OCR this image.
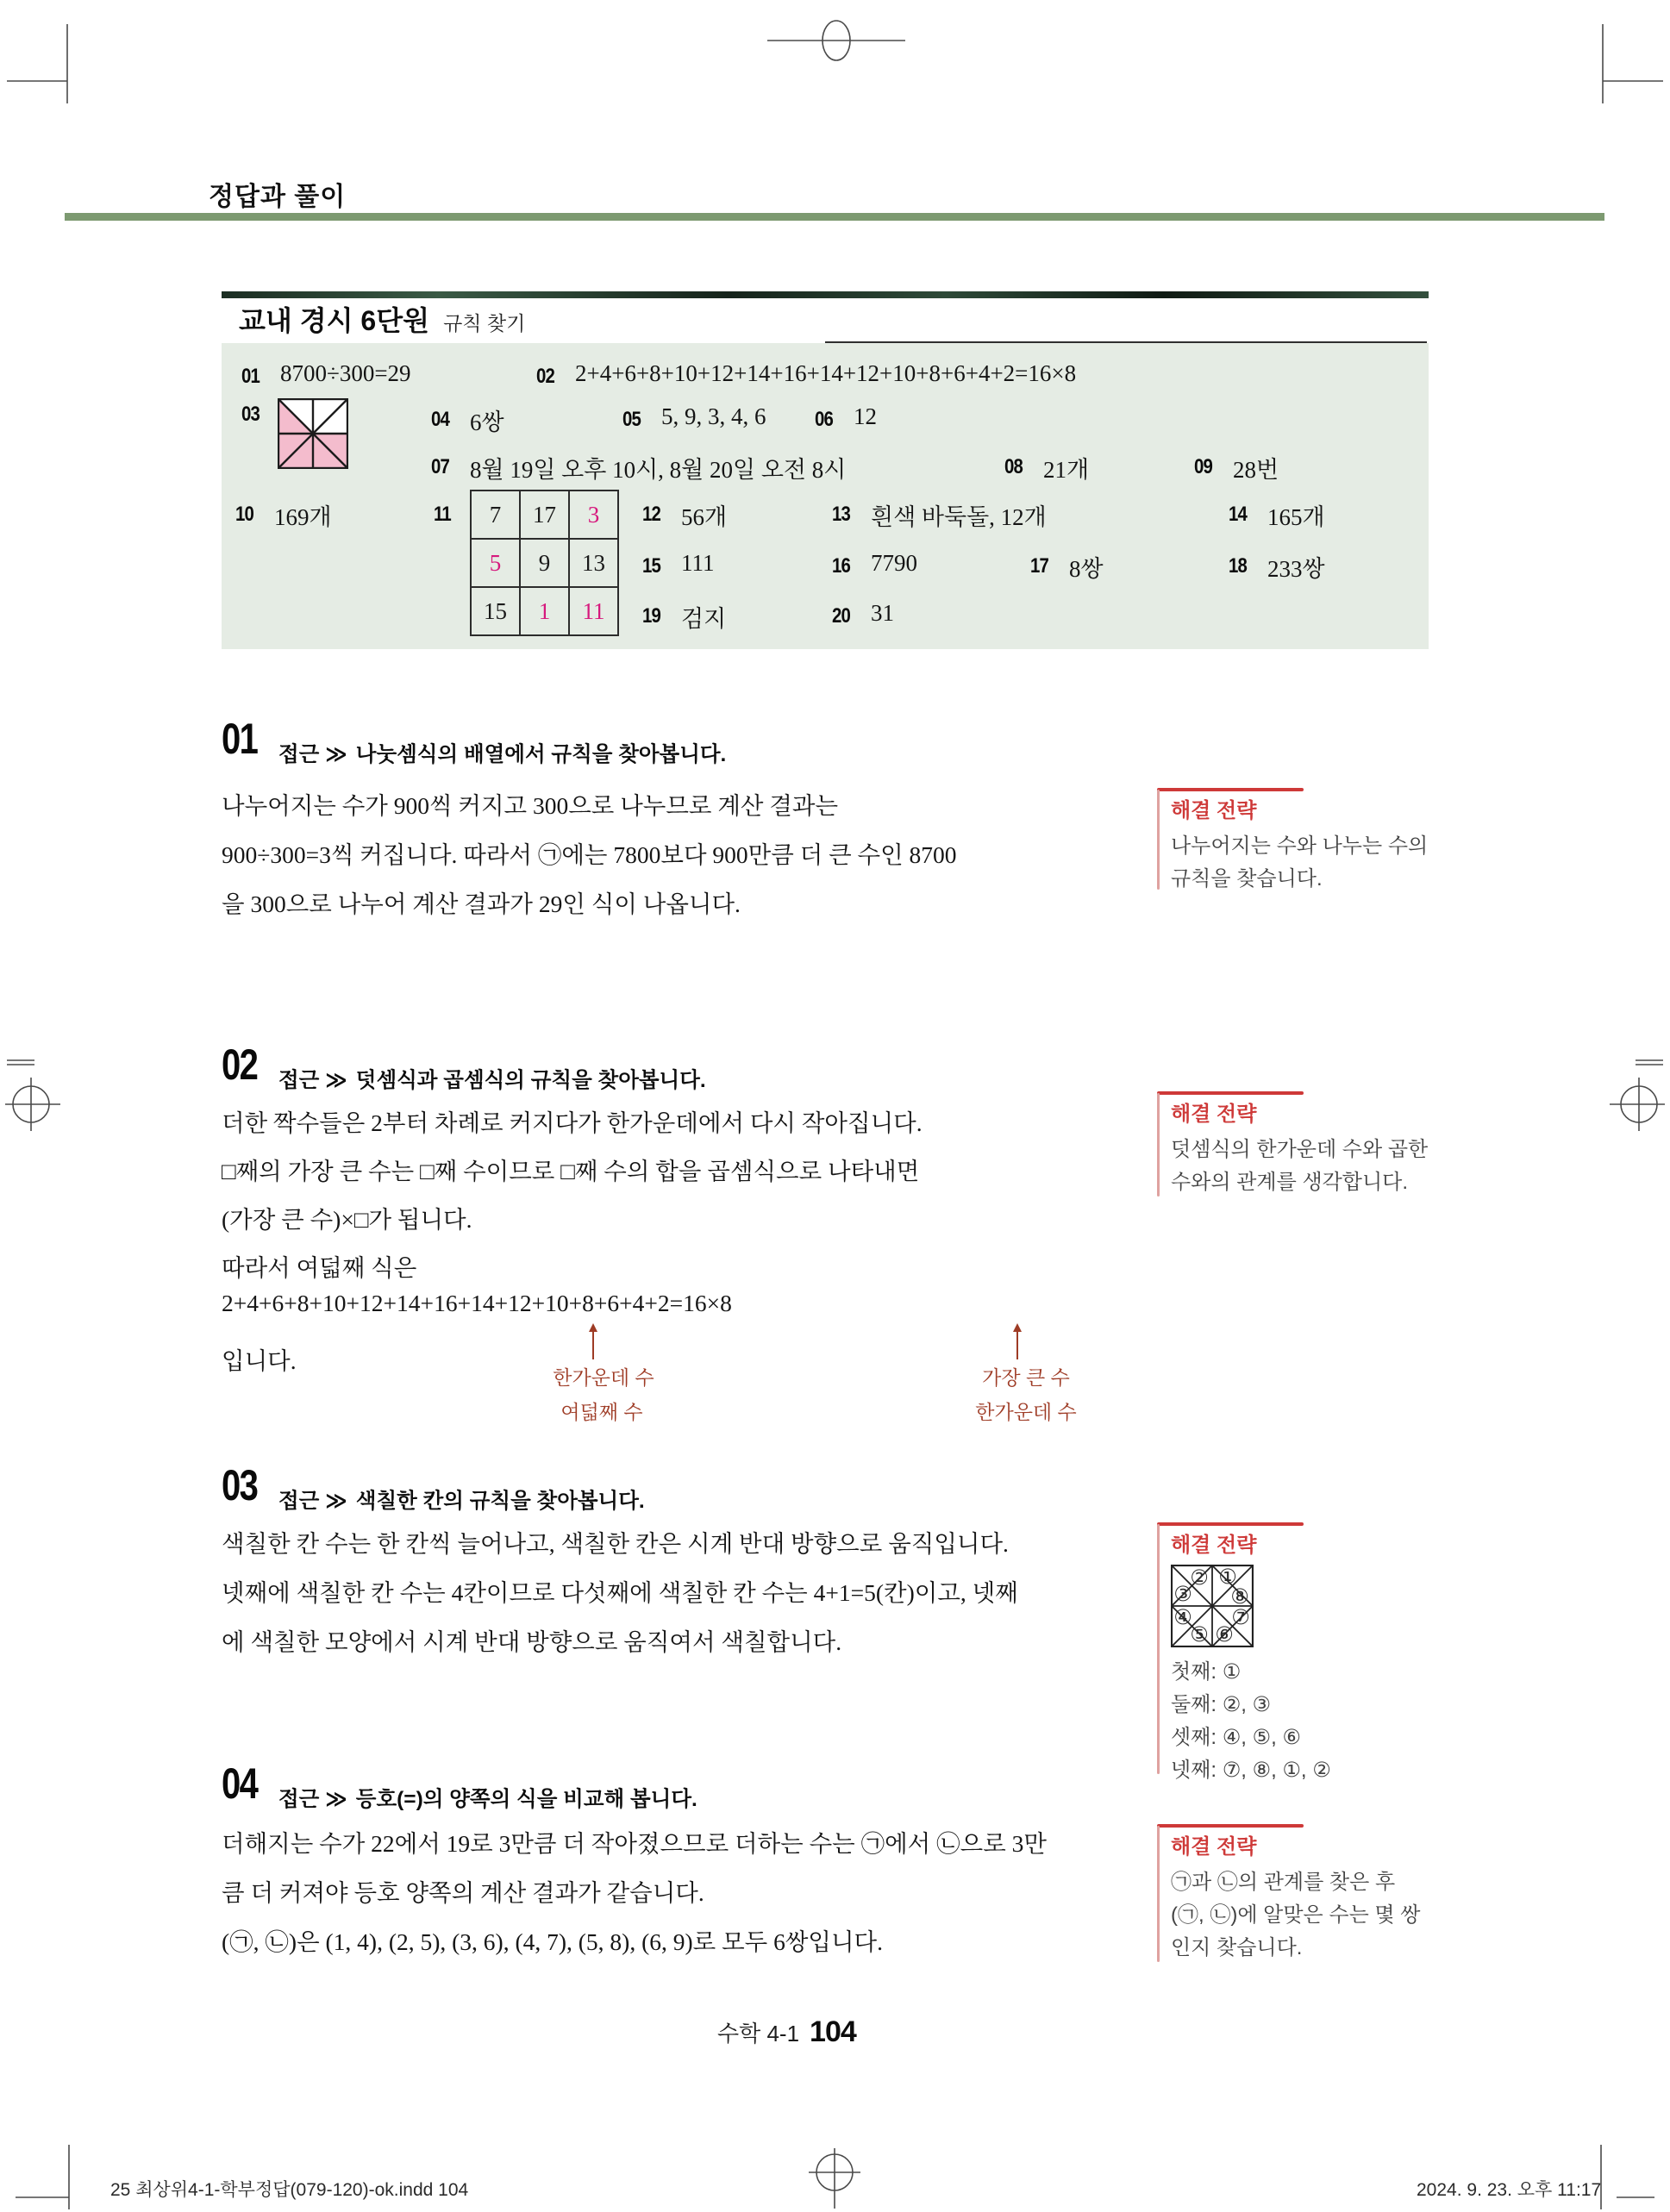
정답과 풀이
교내 경시 6단원 규칙 찾기
01 8700÷300=29	02 2+4+6+8+10+12+14+16+14+12+10+8+6+4+2=16×8
03	04 6쌍	05 5, 9, 3, 4, 6 06 12
07 8월 19일 오후 10시, 8월 20일 오전 8시	08 21개	09 28번
10 169개	11 7	17	3
5	9	13
15	1	11
12 56개	13 흰색 바둑돌, 12개	14 165개
15 111	16 7790	17 8쌍	18 233쌍
19 검지	20 31
01 접근 ≫ 나눗셈식의 배열에서 규칙을 찾아봅니다.
나누어지는 수가 900씩 커지고 300으로 나누므로 계산 결과는
900÷300=3씩 커집니다. 따라서 ㉠에는 7800보다 900만큼 더 큰 수인 8700
을 300으로 나누어 계산 결과가 29인 식이 나옵니다.
해결 전략
나누어지는 수와 나누는 수의
규칙을 찾습니다.
02 접근 ≫ 덧셈식과 곱셈식의 규칙을 찾아봅니다.
더한 짝수들은 2부터 차례로 커지다가 한가운데에서 다시 작아집니다.
□째의 가장 큰 수는 □째 수이므로 □째 수의 합을 곱셈식으로 나타내면
(가장 큰 수)×□가 됩니다.
따라서 여덟째 식은
2+4+6+8+10+12+14+16+14+12+10+8+6+4+2=16×8
입니다.
한가운데 수
여덟째 수
가장 큰 수
한가운데 수
해결 전략
덧셈식의 한가운데 수와 곱한
수와의 관계를 생각합니다.
03 접근 ≫ 색칠한 칸의 규칙을 찾아봅니다.
색칠한 칸 수는 한 칸씩 늘어나고, 색칠한 칸은 시계 반대 방향으로 움직입니다.
넷째에 색칠한 칸 수는 4칸이므로 다섯째에 색칠한 칸 수는 4+1=5(칸)이고, 넷째
에 색칠한 모양에서 시계 반대 방향으로 움직여서 색칠합니다.
해결 전략
①
②
③
④
⑤ ⑥
⑦
⑧
첫째: ①
둘째: ②, ③
셋째: ④, ⑤, ⑥
넷째: ⑦, ⑧, ①, ②
04 접근 ≫ 등호(=)의 양쪽의 식을 비교해 봅니다.
더해지는 수가 22에서 19로 3만큼 더 작아졌으므로 더하는 수는 ㉠에서 ㉡으로 3만
큼 더 커져야 등호 양쪽의 계산 결과가 같습니다.
(㉠, ㉡)은 (1, 4), (2, 5), (3, 6), (4, 7), (5, 8), (6, 9)로 모두 6쌍입니다.
해결 전략
㉠과 ㉡의 관계를 찾은 후
(㉠, ㉡)에 알맞은 수는 몇 쌍
인지 찾습니다.
수학 4-1 104
25 최상위4-1-학부정답(079-120)-ok.indd 104	2024. 9. 23. 오후 11:17
